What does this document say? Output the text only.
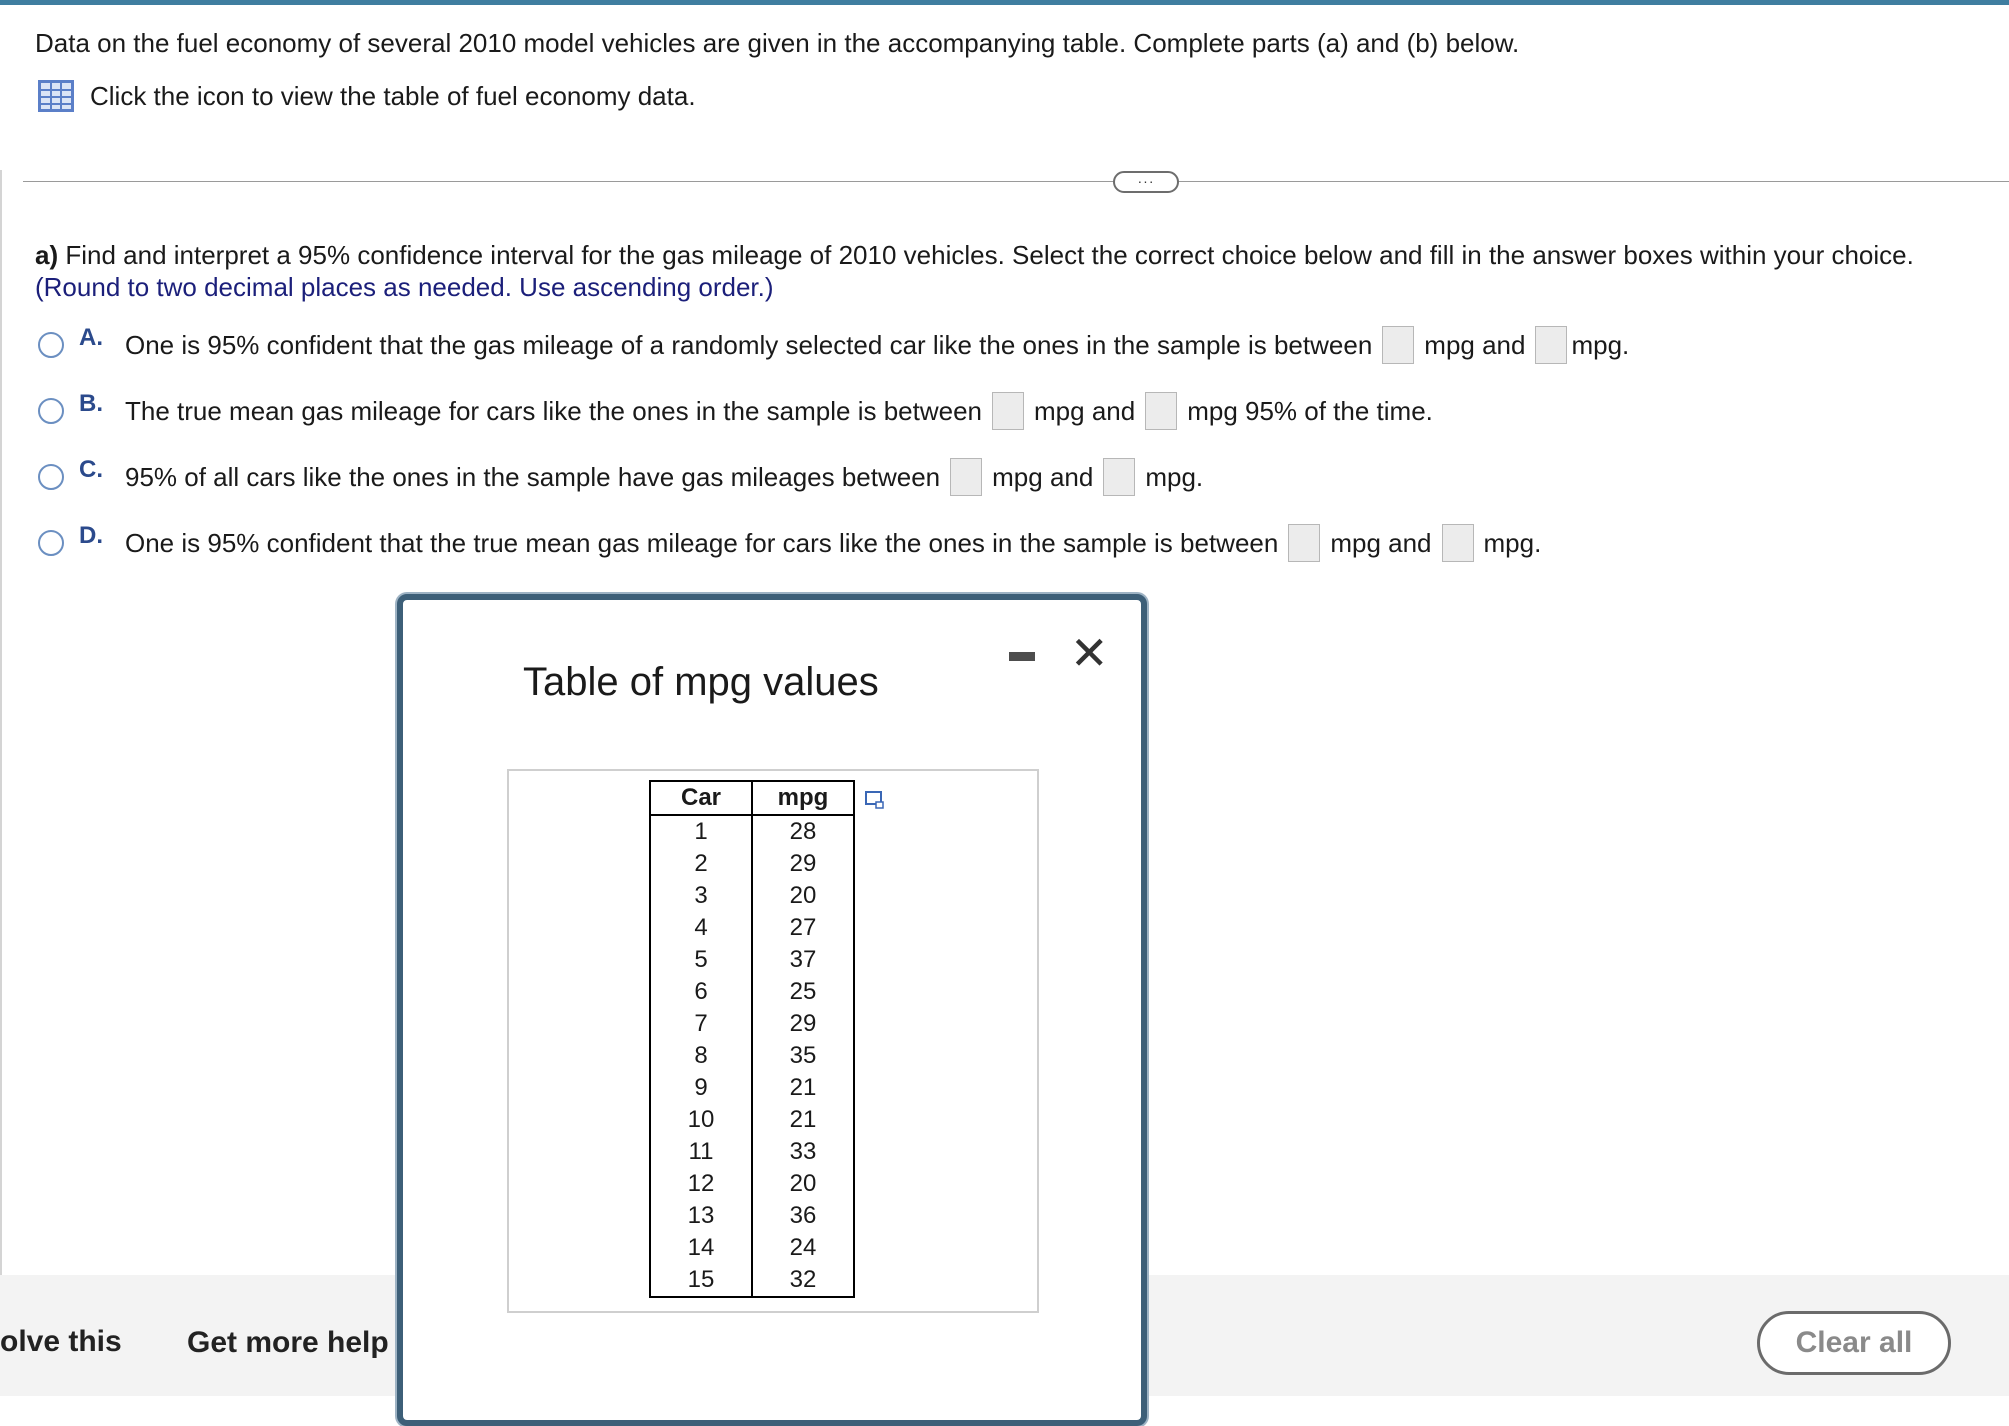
Data on the fuel economy of several 2010 model vehicles are given in the accompanying table. Complete parts (a) and (b) below.
Click the icon to view the table of fuel economy data.
···
a) Find and interpret a 95% confidence interval for the gas mileage of 2010 vehicles. Select the correct choice below and fill in the answer boxes within your choice.
(Round to two decimal places as needed. Use ascending order.)
A. One is 95% confident that the gas mileage of a randomly selected car like the ones in the sample is between mpg and mpg.
B. The true mean gas mileage for cars like the ones in the sample is between mpg and mpg 95% of the time.
C. 95% of all cars like the ones in the sample have gas mileages between mpg and mpg.
D. One is 95% confident that the true mean gas mileage for cars like the ones in the sample is between mpg and mpg.
olve this Get more help	Clear all
Table of mpg values
✕
Car	mpg
1	28
2	29
3	20
4	27
5	37
6	25
7	29
8	35
9	21
10	21
11	33
12	20
13	36
14	24
15	32
